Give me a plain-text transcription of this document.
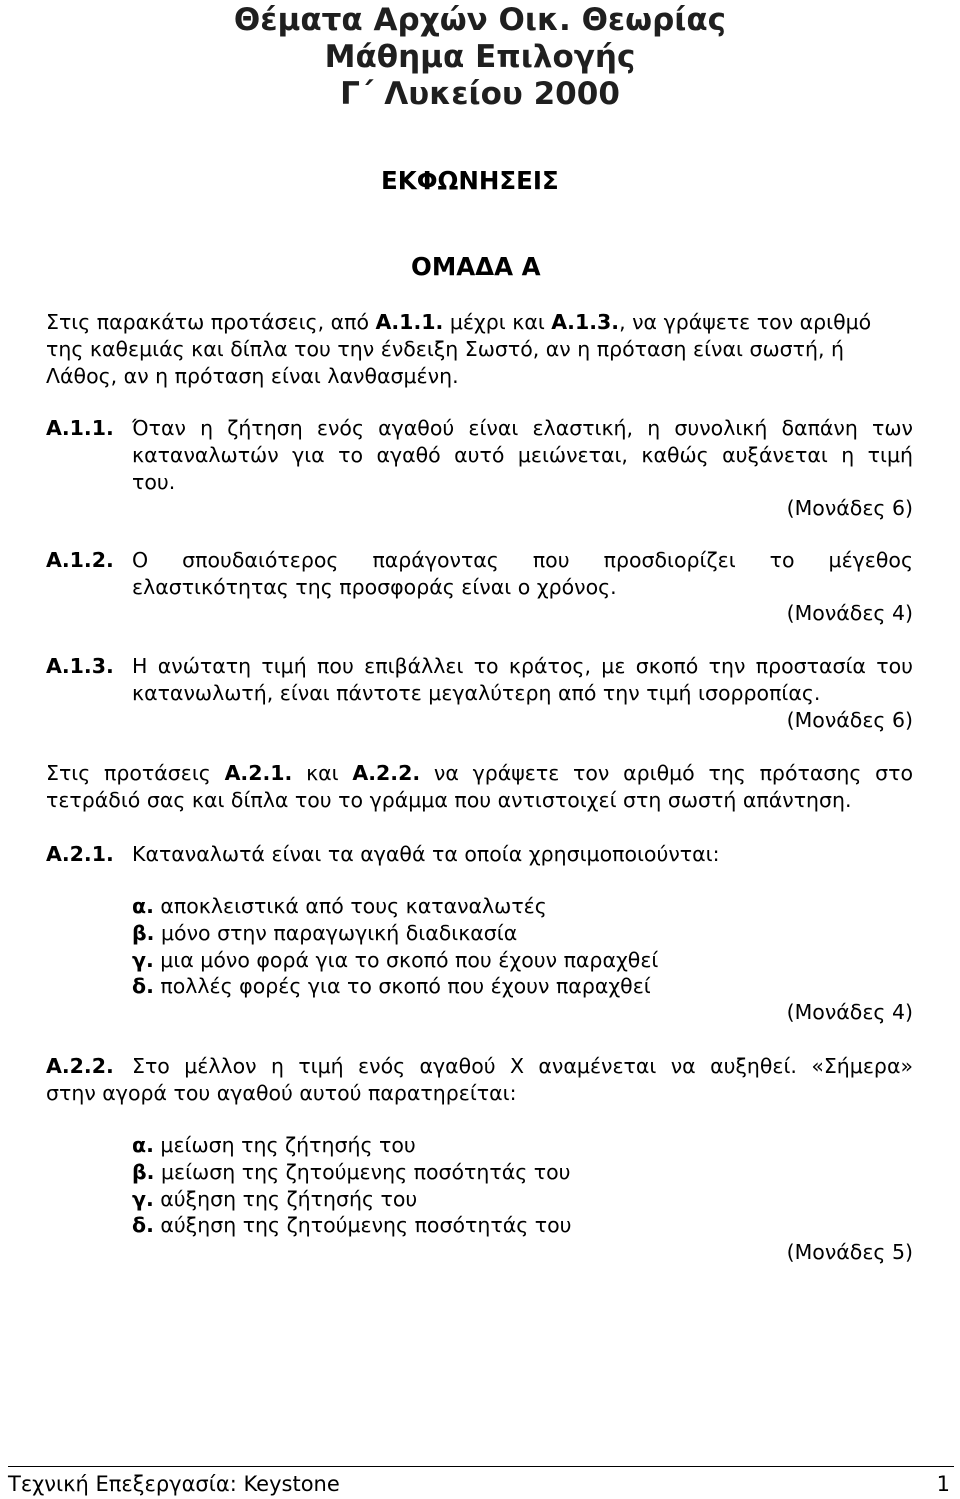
Θέματα Αρχών Οικ. Θεωρίας
Μάθημα Επιλογής
Γ΄ Λυκείου 2000
ΕΚΦΩΝΗΣΕΙΣ
ΟΜΑΔΑ Α
Στις παρακάτω προτάσεις, από Α.1.1. μέχρι και Α.1.3., να γράψετε τον αριθμό
της καθεμιάς και δίπλα του την ένδειξη Σωστό, αν η πρόταση είναι σωστή, ή
Λάθος, αν η πρόταση είναι λανθασμένη.
Α.1.1. Όταν η ζήτηση ενός αγαθού είναι ελαστική, η συνολική δαπάνη των
καταναλωτών για το αγαθό αυτό μειώνεται, καθώς αυξάνεται η τιμή
του.
(Μονάδες 6)
Α.1.2. Ο σπουδαιότερος παράγοντας που προσδιορίζει το μέγεθος
ελαστικότητας της προσφοράς είναι ο χρόνος.
(Μονάδες 4)
Α.1.3. Η ανώτατη τιμή που επιβάλλει το κράτος, με σκοπό την προστασία του
κατανωλωτή, είναι πάντοτε μεγαλύτερη από την τιμή ισορροπίας.
(Μονάδες 6)
Στις προτάσεις Α.2.1. και Α.2.2. να γράψετε τον αριθμό της πρότασης στο
τετράδιό σας και δίπλα του το γράμμα που αντιστοιχεί στη σωστή απάντηση.
Α.2.1. Καταναλωτά είναι τα αγαθά τα οποία χρησιμοποιούνται:
α. αποκλειστικά από τους καταναλωτές
β. μόνο στην παραγωγική διαδικασία
γ. μια μόνο φορά για το σκοπό που έχουν παραχθεί
δ. πολλές φορές για το σκοπό που έχουν παραχθεί
(Μονάδες 4)
Α.2.2. Στο μέλλον η τιμή ενός αγαθού Χ αναμένεται να αυξηθεί. «Σήμερα»
στην αγορά του αγαθού αυτού παρατηρείται:
α. μείωση της ζήτησής του
β. μείωση της ζητούμενης ποσότητάς του
γ. αύξηση της ζήτησής του
δ. αύξηση της ζητούμενης ποσότητάς του
(Μονάδες 5)
Τεχνική Επεξεργασία: Keystone	1
